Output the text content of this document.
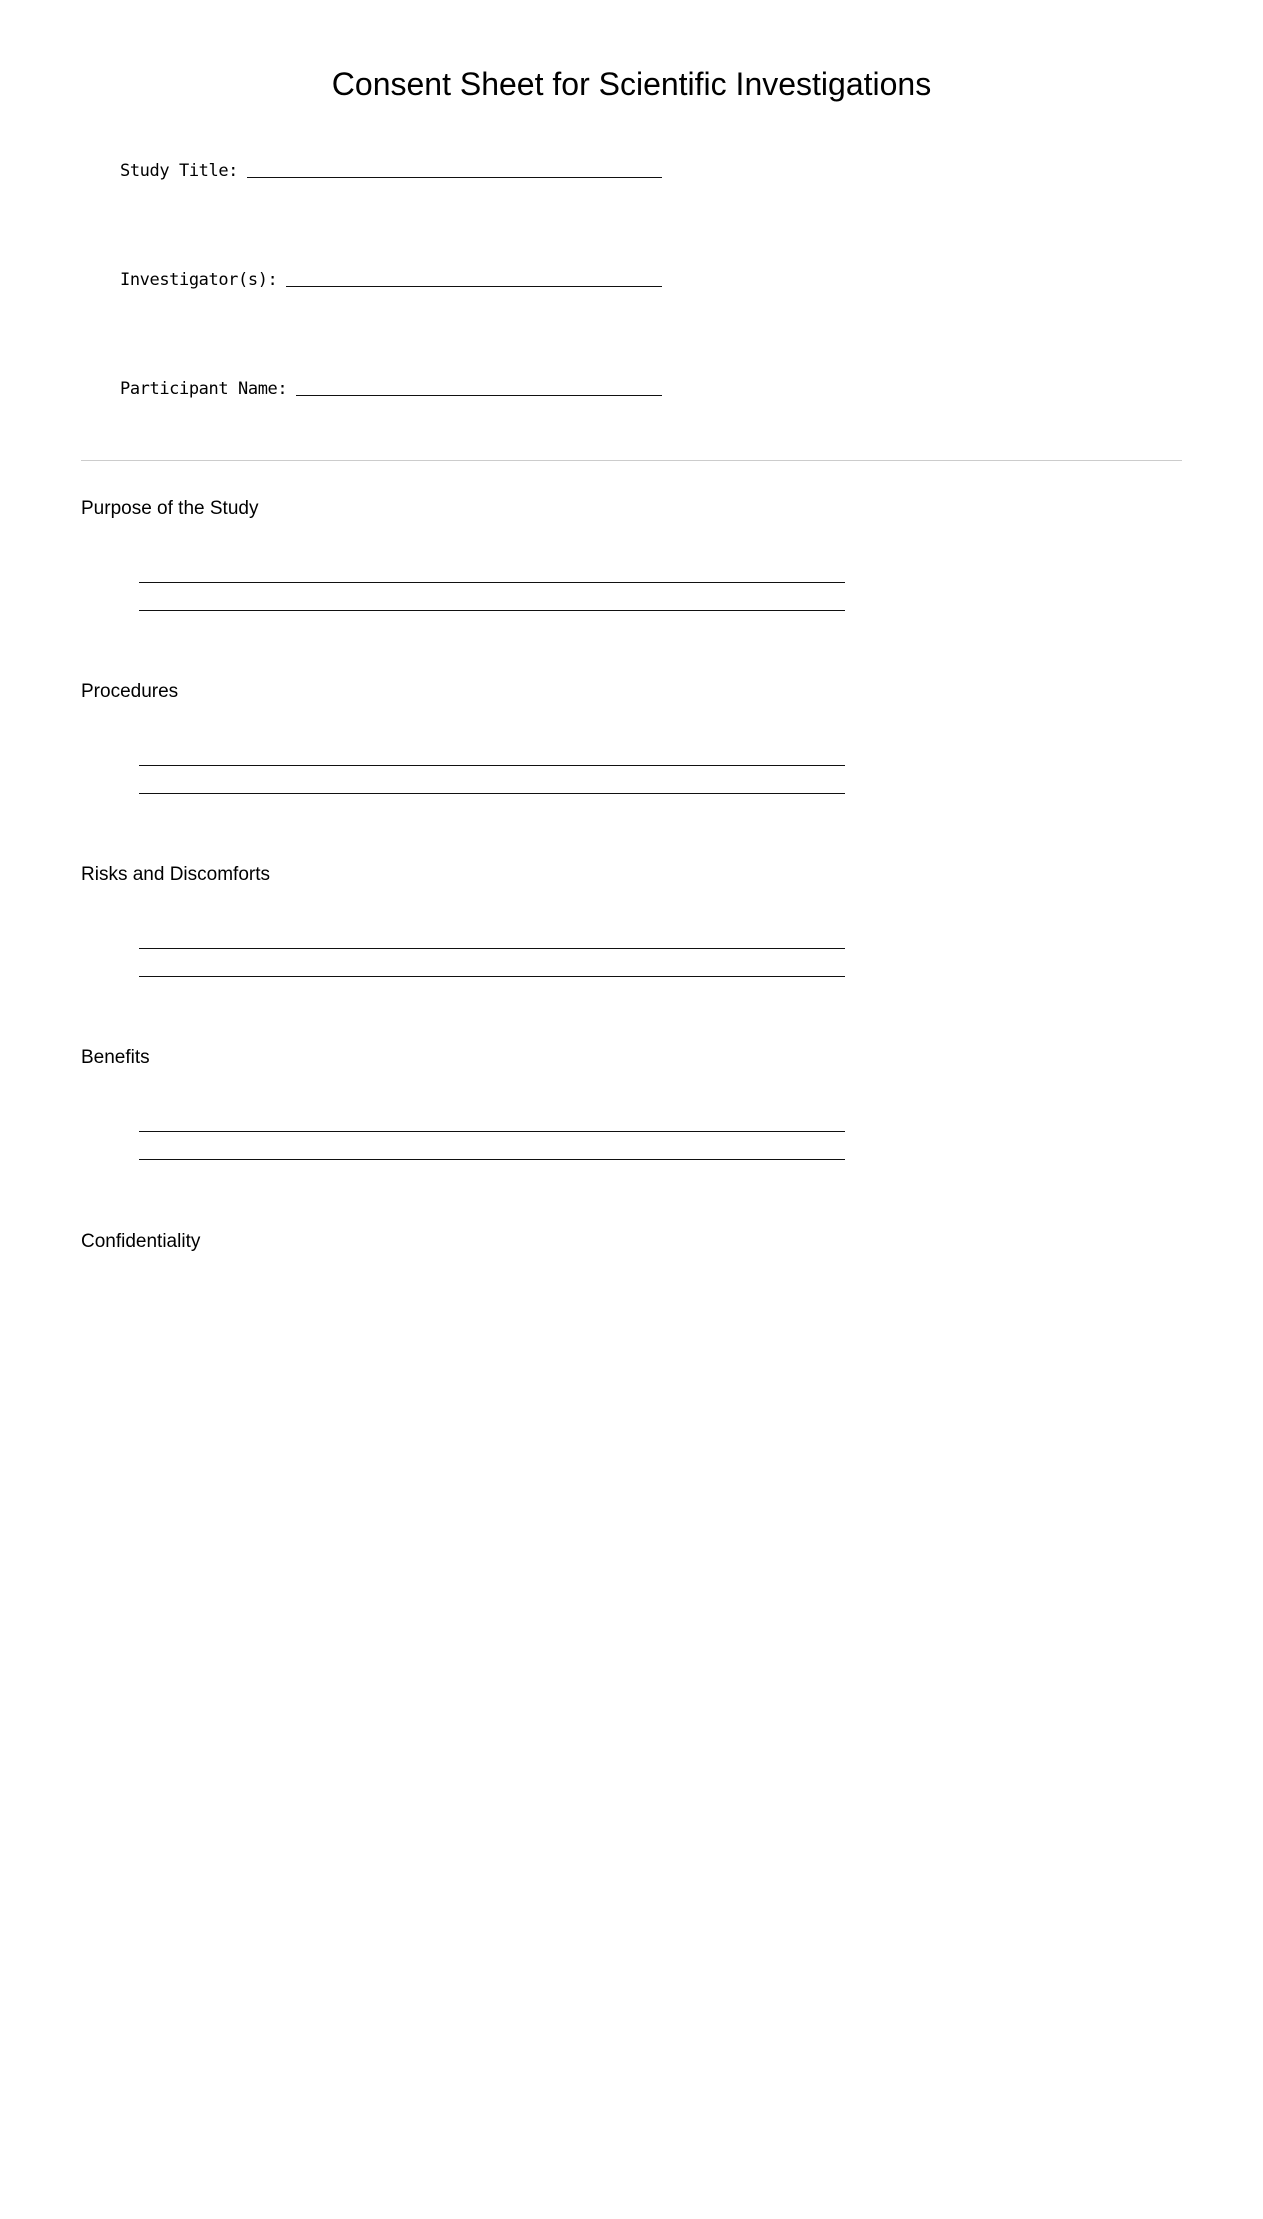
Consent Sheet for Scientific Investigations
Study Title:
Investigator(s):
Participant Name:
Purpose of the Study
Procedures
Risks and Discomforts
Benefits
Confidentiality
